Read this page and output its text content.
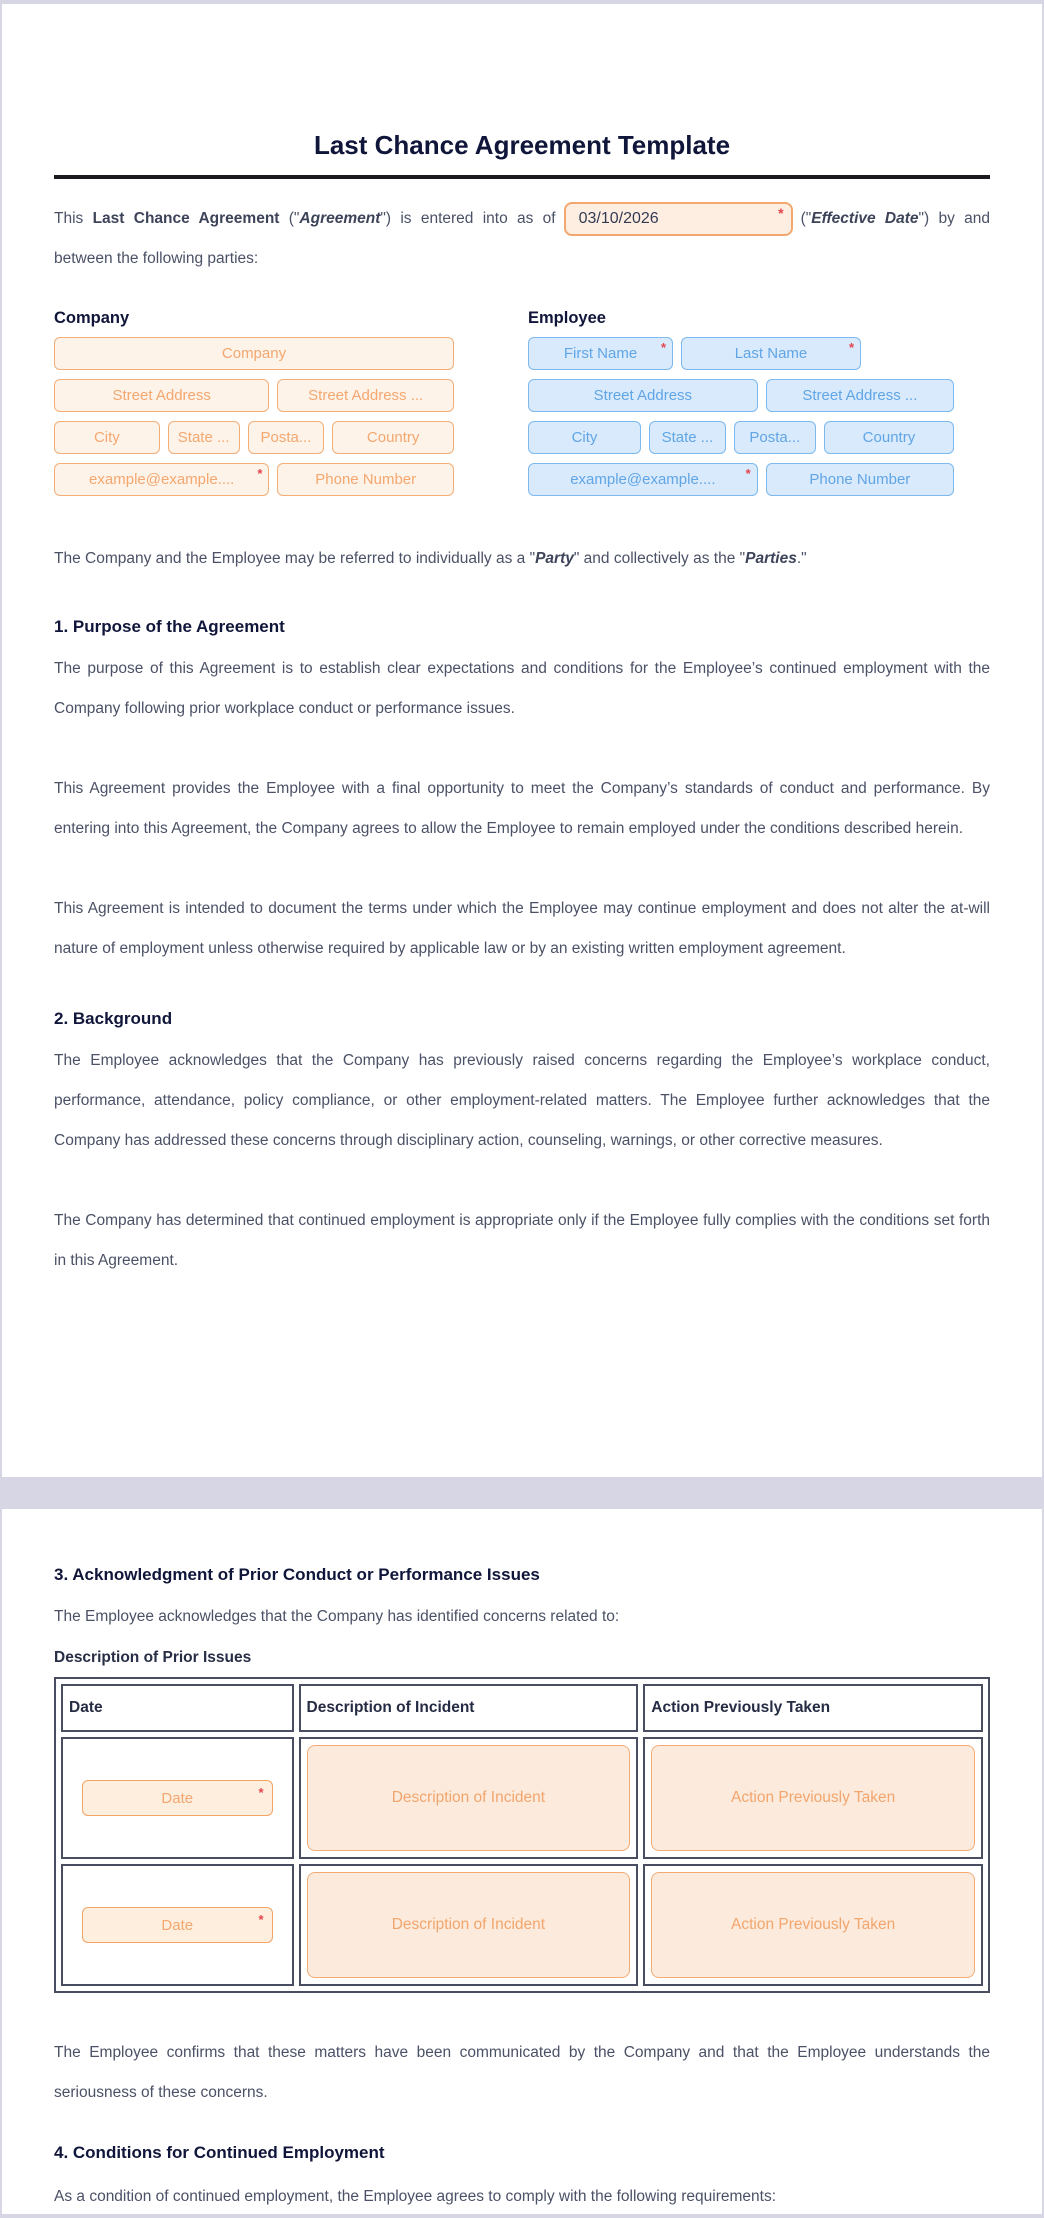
Last Chance Agreement Template

This Last Chance Agreement ("Agreement") is entered into as of 03/10/2026	* ("Effective Date") by and between the following parties:

Company
Company
Street Address	Street Address ...
City	State ...	Posta...	Country
example@example.... *	Phone Number
Employee
First Name *	Last Name	*
Street Address	Street Address ...
City	State ...	Posta...	Country
example@example.... *	Phone Number

The Company and the Employee may be referred to individually as a "Party" and collectively as the "Parties."

1. Purpose of the Agreement

The purpose of this Agreement is to establish clear expectations and conditions for the Employee’s continued employment with the Company following prior workplace conduct or performance issues.

This Agreement provides the Employee with a final opportunity to meet the Company’s standards of conduct and performance. By entering into this Agreement, the Company agrees to allow the Employee to remain employed under the conditions described herein.

This Agreement is intended to document the terms under which the Employee may continue employment and does not alter the at-will nature of employment unless otherwise required by applicable law or by an existing written employment agreement.

2. Background

The Employee acknowledges that the Company has previously raised concerns regarding the Employee’s workplace conduct, performance, attendance, policy compliance, or other employment-related matters. The Employee further acknowledges that the Company has addressed these concerns through disciplinary action, counseling, warnings, or other corrective measures.

The Company has determined that continued employment is appropriate only if the Employee fully complies with the conditions set forth in this Agreement.

3. Acknowledgment of Prior Conduct or Performance Issues

The Employee acknowledges that the Company has identified concerns related to:

Description of Prior Issues
Date	Description of Incident	Action Previously Taken

Date *	Description of Incident	Action Previously Taken

Date *	Description of Incident	Action Previously Taken

The Employee confirms that these matters have been communicated by the Company and that the Employee understands the seriousness of these concerns.

4. Conditions for Continued Employment

As a condition of continued employment, the Employee agrees to comply with the following requirements:
